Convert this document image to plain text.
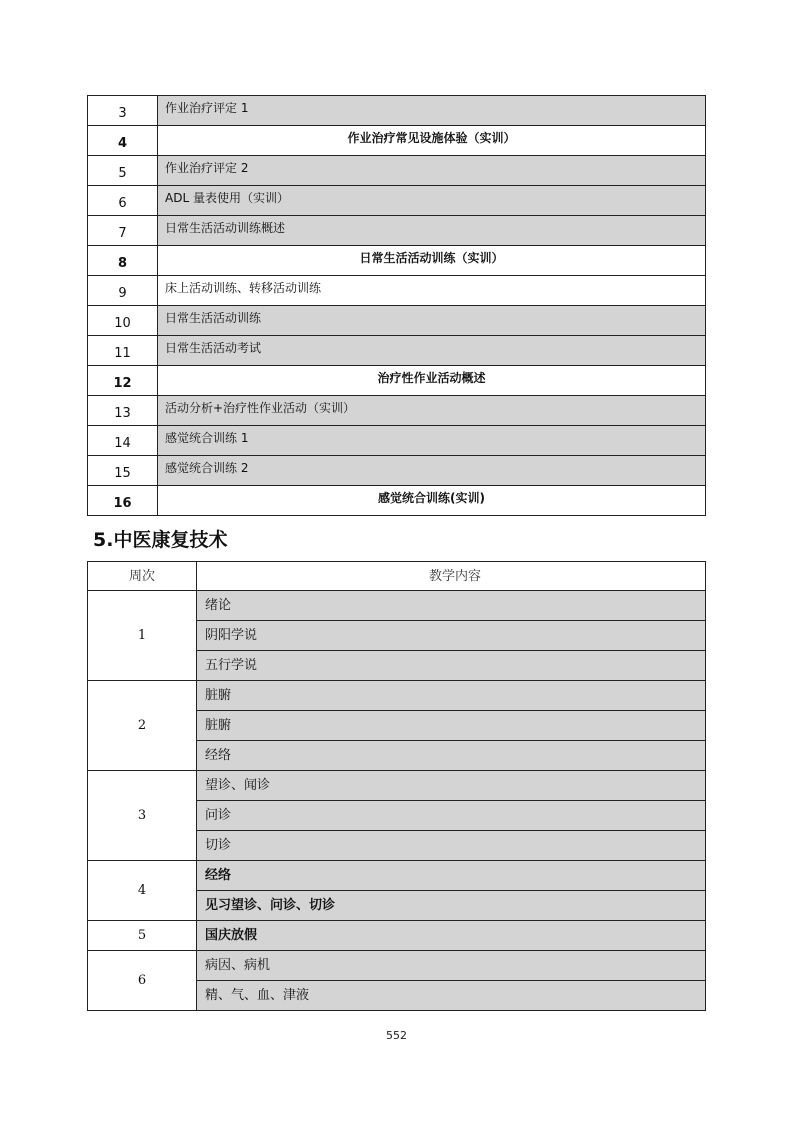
3	作业治疗评定 1
4	作业治疗常见设施体验（实训）
5	作业治疗评定 2
6	ADL 量表使用（实训）
7	日常生活活动训练概述
8	日常生活活动训练（实训）
9	床上活动训练、转移活动训练
10	日常生活活动训练
11	日常生活活动考试
12	治疗性作业活动概述
13	活动分析+治疗性作业活动（实训）
14	感觉统合训练 1
15	感觉统合训练 2
16	感觉统合训练(实训)
5.中医康复技术
周次	教学内容
1	绪论
	阴阳学说
	五行学说
2	脏腑
	脏腑
	经络
3	望诊、闻诊
	问诊
	切诊
4	经络
	见习望诊、问诊、切诊
5	国庆放假
6	病因、病机
	精、气、血、津液
552
